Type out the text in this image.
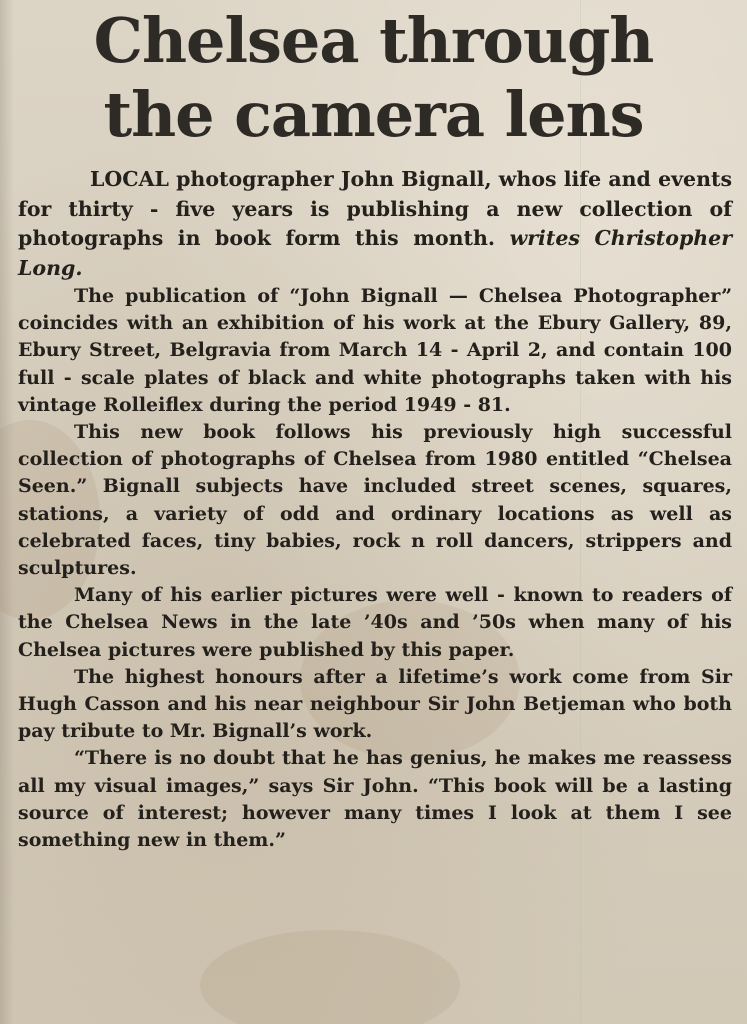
Chelsea through
the camera lens

LOCAL photographer John Bignall, whos life and events for thirty - five years is publishing a new collection of photographs in book form this month. writes Christopher Long.

The publication of “John Bignall — Chelsea Photographer” coincides with an exhibition of his work at the Ebury Gallery, 89, Ebury Street, Belgravia from March 14 - April 2, and contain 100 full - scale plates of black and white photographs taken with his vintage Rolleiflex during the period 1949 - 81.

This new book follows his previously high successful collection of photographs of Chelsea from 1980 entitled “Chelsea Seen.” Bignall subjects have included street scenes, squares, stations, a variety of odd and ordinary locations as well as celebrated faces, tiny babies, rock n roll dancers, strippers and sculptures.

Many of his earlier pictures were well - known to readers of the Chelsea News in the late ’40s and ’50s when many of his Chelsea pictures were published by this paper.

The highest honours after a lifetime’s work come from Sir Hugh Casson and his near neighbour Sir John Betjeman who both pay tribute to Mr. Bignall’s work.

“There is no doubt that he has genius, he makes me reassess all my visual images,” says Sir John. “This book will be a lasting source of interest; however many times I look at them I see something new in them.”
